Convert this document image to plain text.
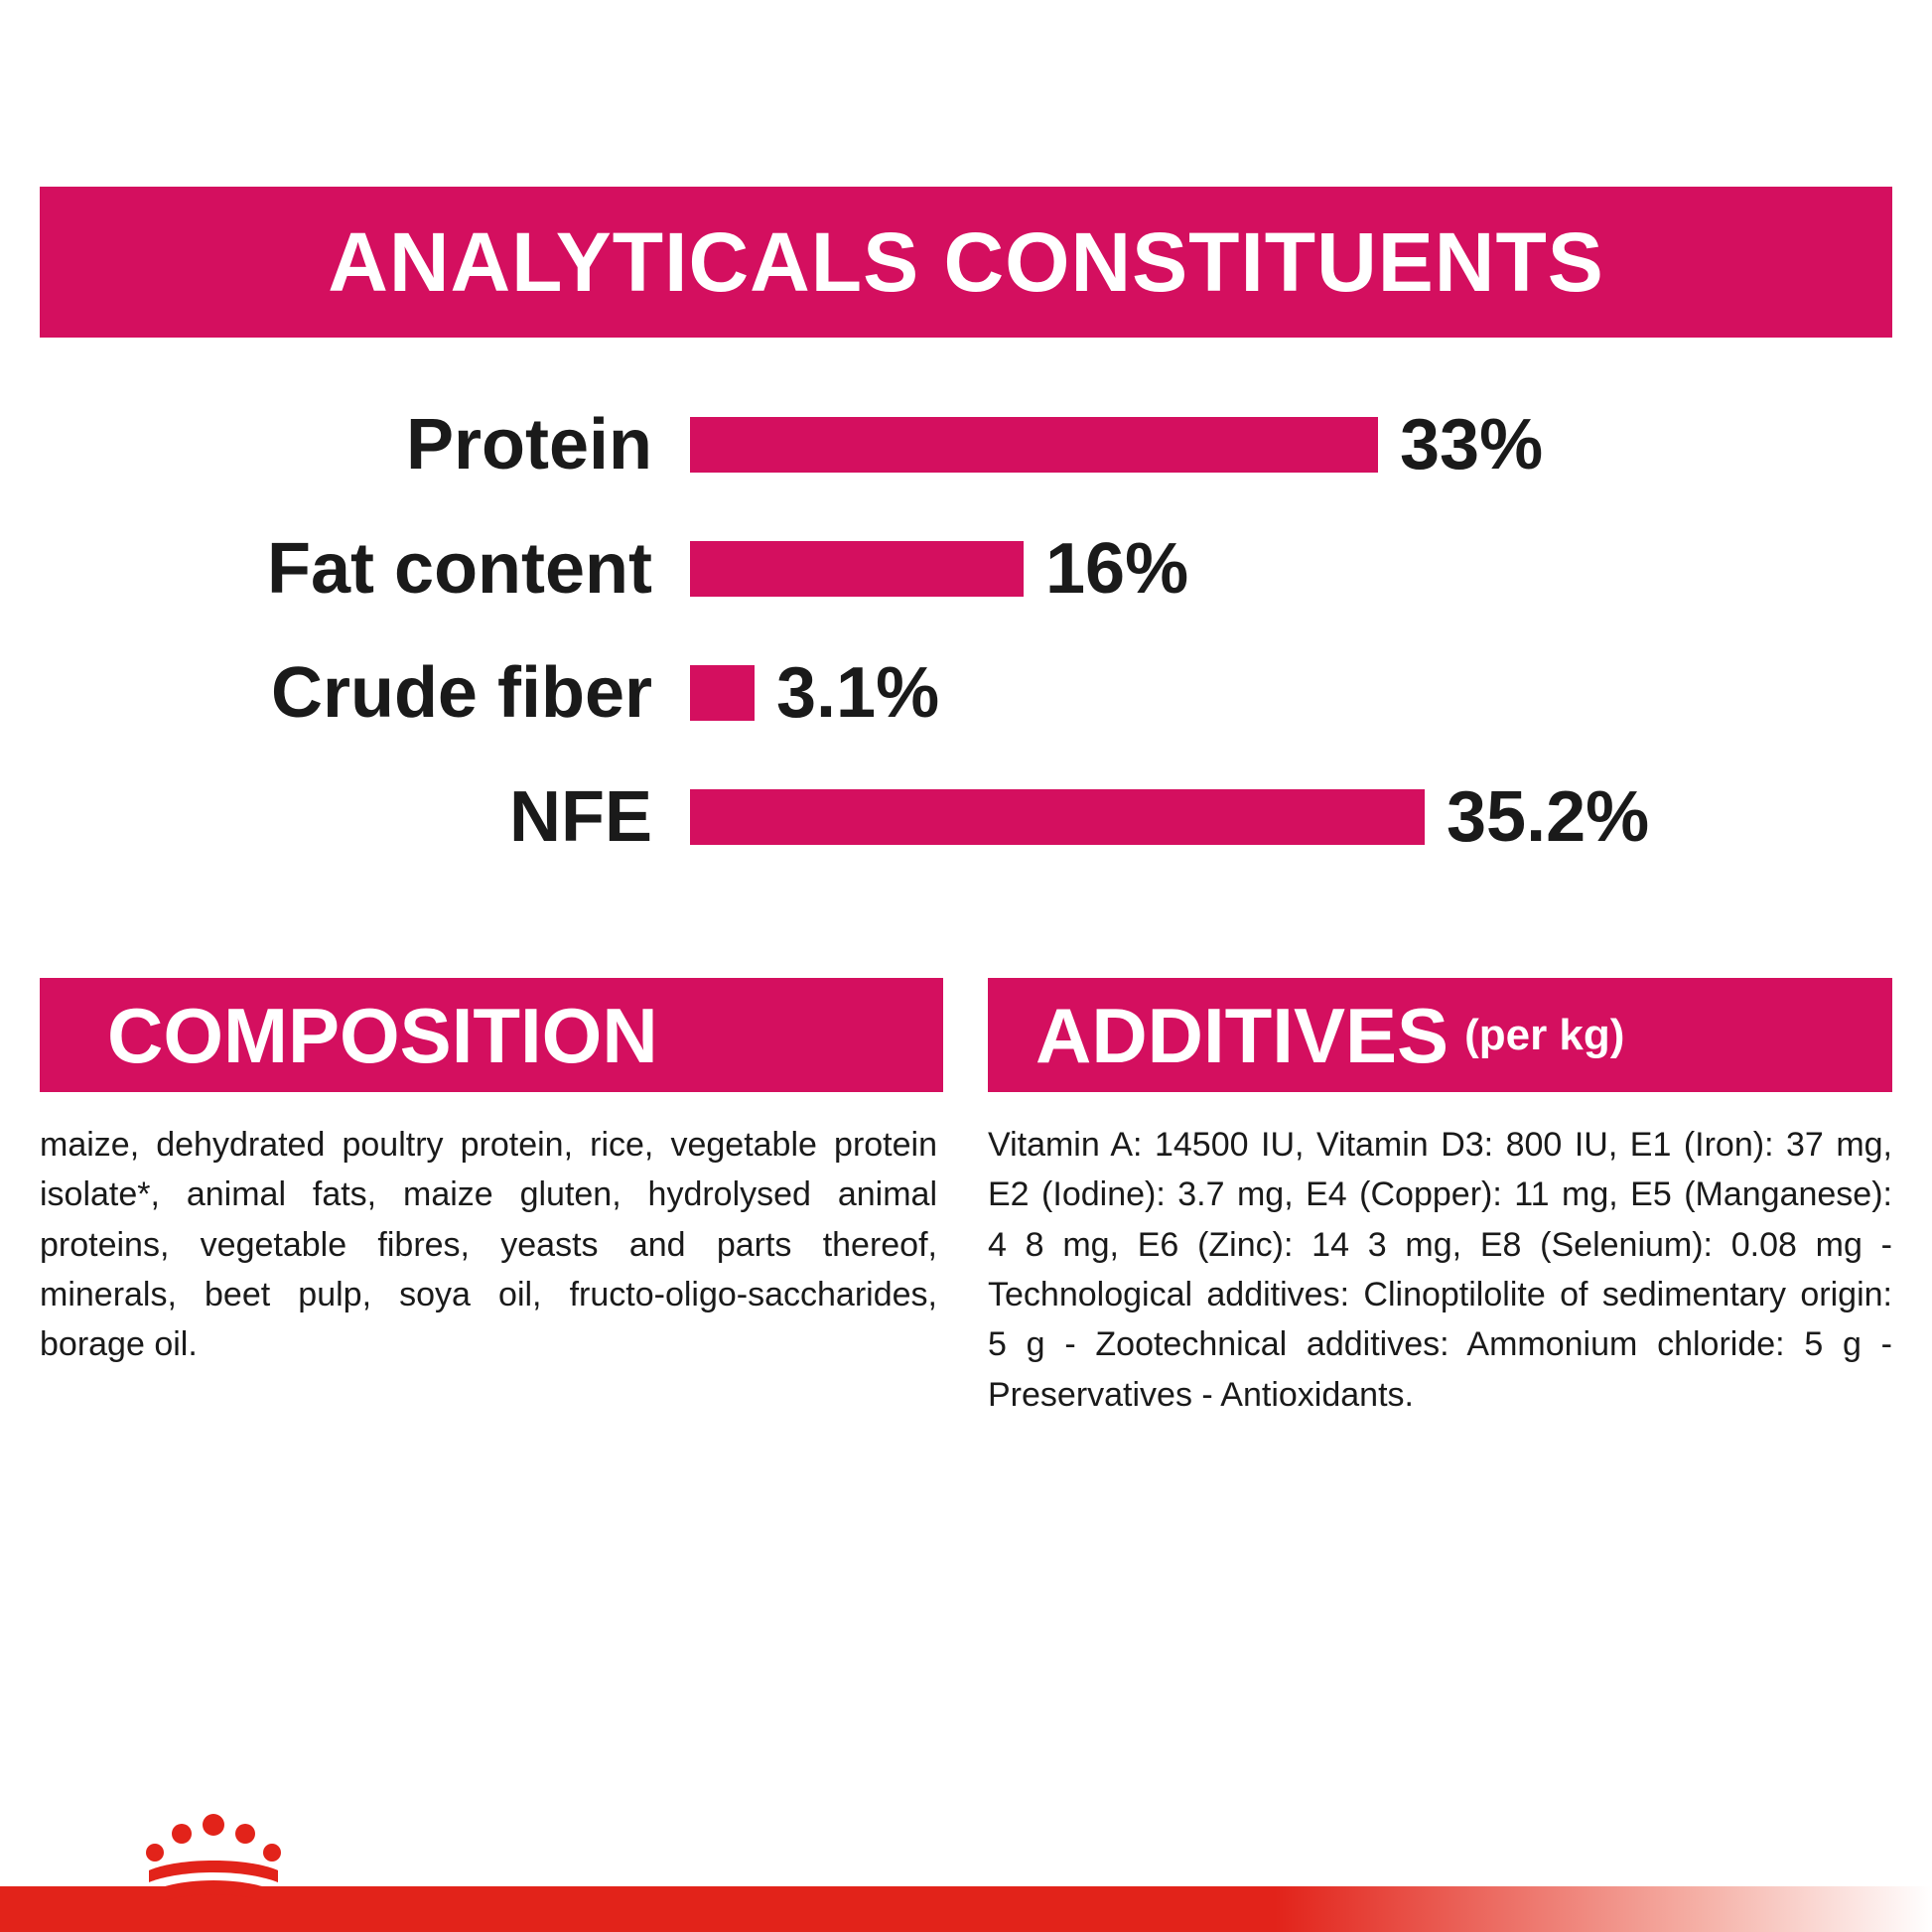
ANALYTICALS CONSTITUENTS
Protein	33%
Fat content	16%
Crude fiber	3.1%
NFE	35.2%
COMPOSITION
maize, dehydrated poultry protein, rice, vegetable protein isolate*, animal fats, maize gluten, hydrolysed animal proteins, vegetable fibres, yeasts and parts thereof, minerals, beet pulp, soya oil, fructo-oligo-saccharides, borage oil.
ADDITIVES (per kg)
Vitamin A: 14500 IU, Vitamin D3: 800 IU, E1 (Iron): 37 mg, E2 (Iodine): 3.7 mg, E4 (Copper): 11 mg, E5 (Manganese): 4 8 mg, E6 (Zinc): 14 3 mg, E8 (Selenium): 0.08 mg -Technological additives: Clinoptilolite of sedimentary origin: 5 g - Zootechnical additives: Ammonium chloride: 5 g - Preservatives - Antioxidants.
